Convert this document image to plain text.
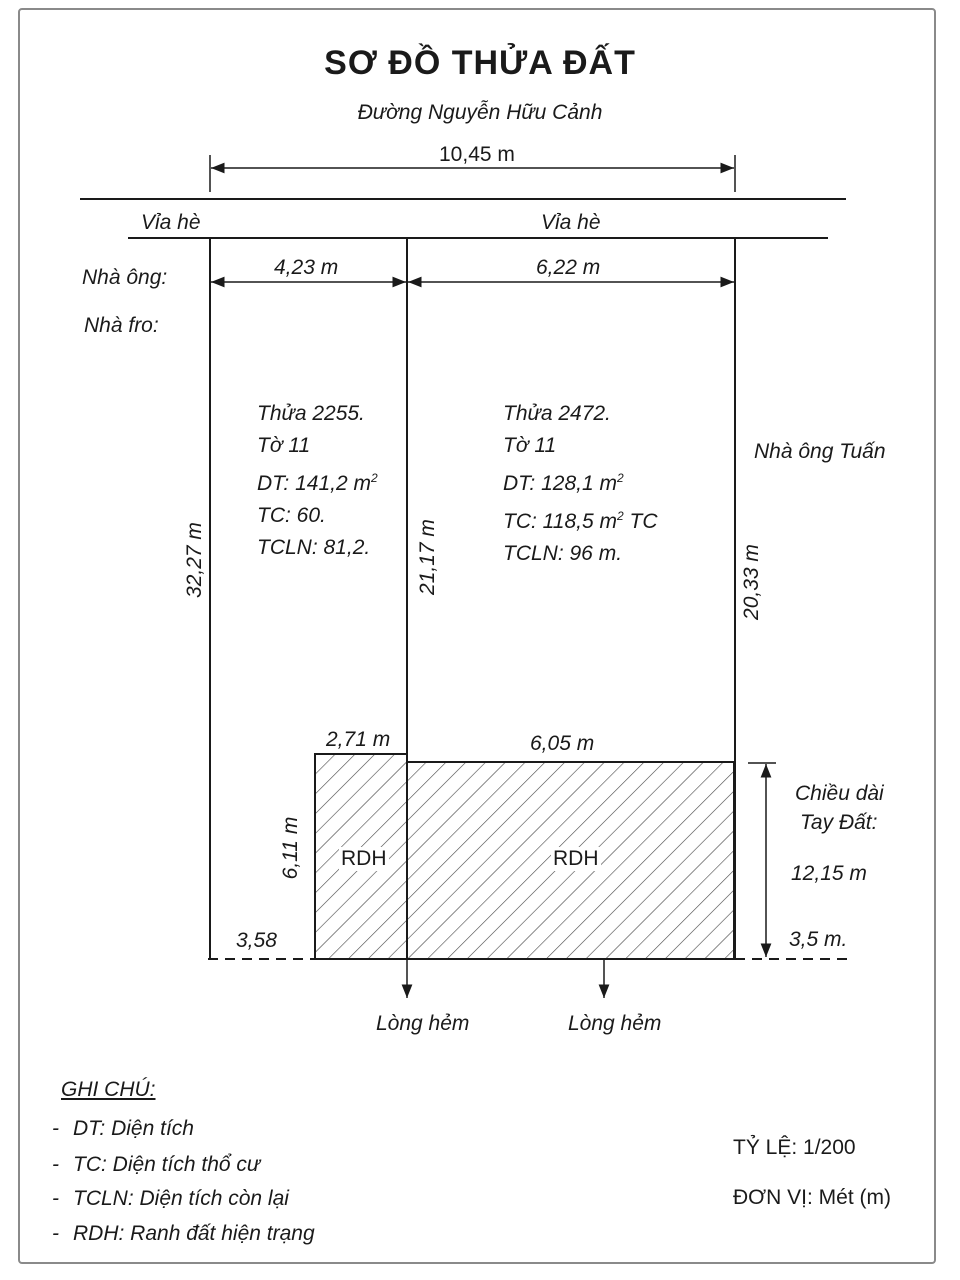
SƠ ĐỒ THỬA ĐẤT
Đường Nguyễn Hữu Cảnh
10,45 m
Vỉa hè	Vỉa hè
Nhà ông:
Nhà fro:
Nhà ông Tuấn
4,23 m	6,22 m
Thửa 2255.
Tờ 11
DT: 141,2 $m^2$
TC: 60.
TCLN: 81,2.
Thửa 2472.
Tờ 11
DT: 128,1 $m^2$
TC: 118,5 $m^2$ TC
TCLN: 96 m.
32,27 m	21,17 m	20,33 m
6,11 m
2,71 m	6,05 m
RDH	RDH
3,58
Chiều dài
Tay Đất:
12,15 m
3,5 m.
Lòng hẻm	Lòng hẻm
GHI CHÚ:
- DT: Diện tích
- TC: Diện tích thổ cư
- TCLN: Diện tích còn lại
- RDH: Ranh đất hiện trạng
TỶ LỆ: 1/200
ĐƠN VỊ: Mét (m)
